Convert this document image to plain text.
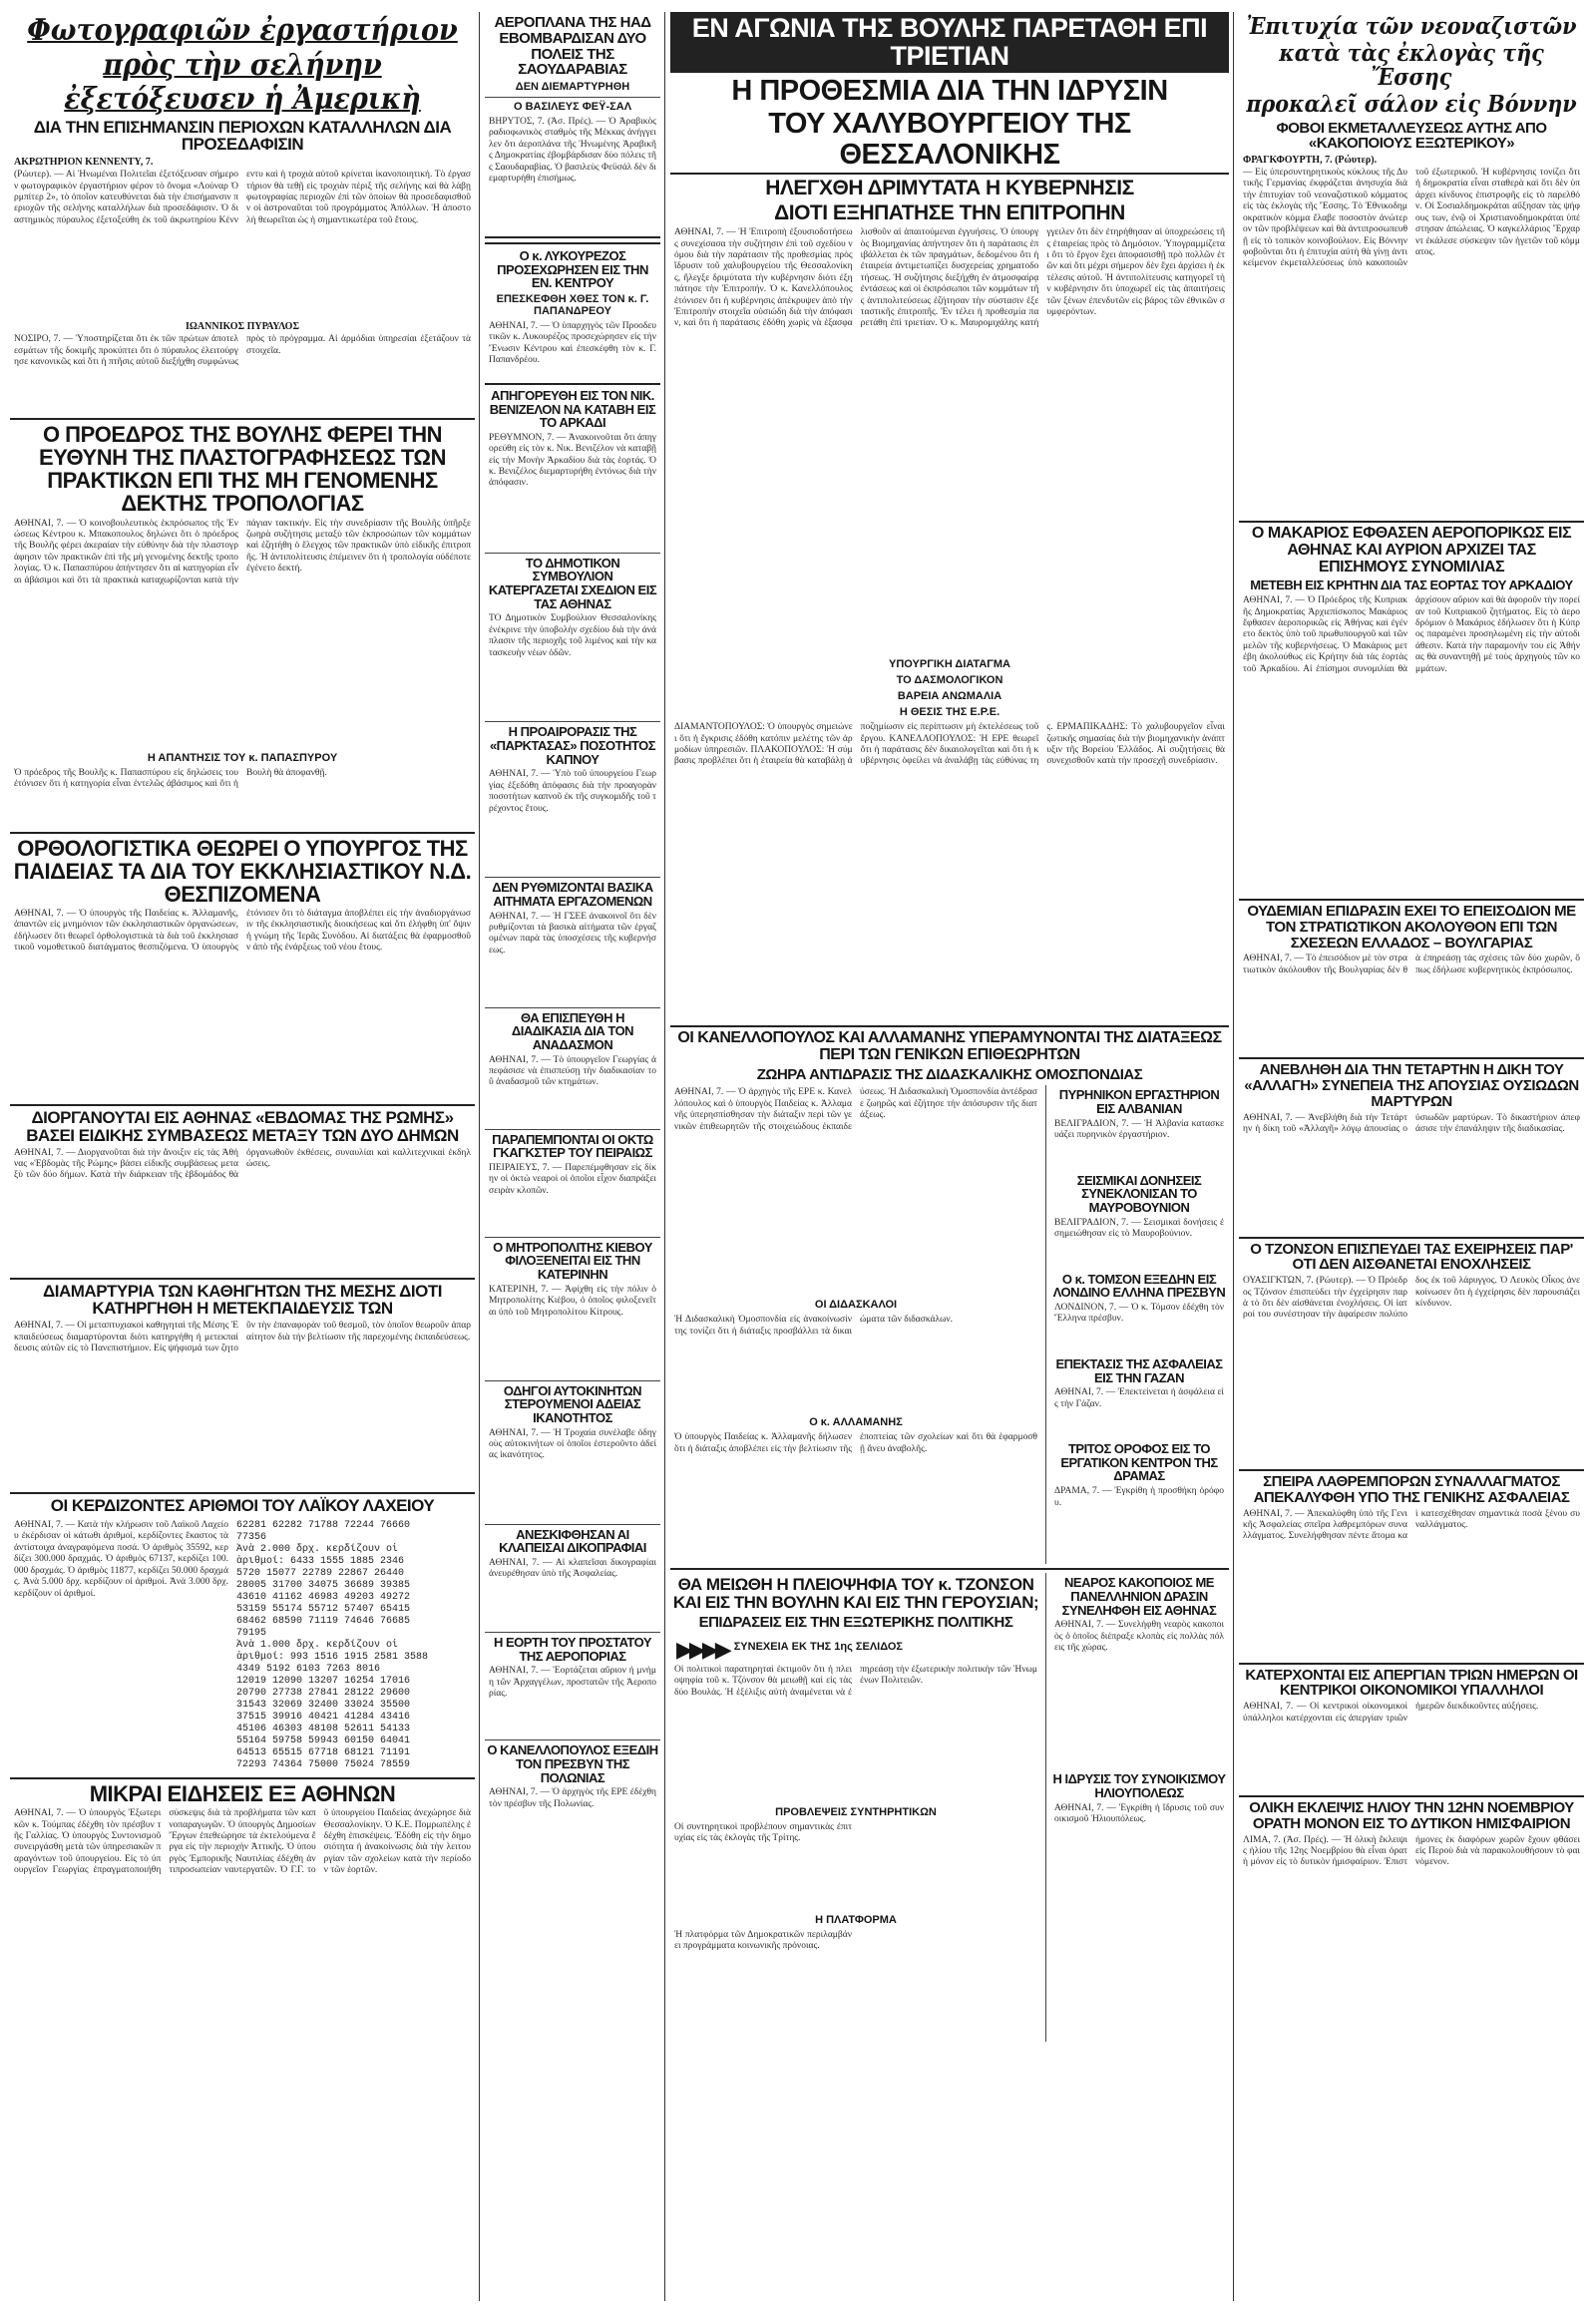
Φωτογραφιῶν ἐργαστήριον
πρὸς τὴν σελήνην
ἐξετόξευσεν ἡ Ἀμερικὴ
ΔΙΑ ΤΗΝ ΕΠΙΣΗΜΑΝΣΙΝ ΠΕΡΙΟΧΩΝ ΚΑΤΑΛΛΗΛΩΝ ΔΙΑ ΠΡΟΣΕΔΑΦΙΣΙΝ
ΑΚΡΩΤΗΡΙΟΝ ΚΕΝΝΕΝΤΥ, 7.
(Ρώυτερ). — Αἱ Ἡνωμέναι Πολιτεῖαι ἐξετόξευσαν σήμερον φωτογραφικὸν ἐργαστήριον φέρον τὸ ὄνομα «Λούναρ Ὀρμπίτερ 2», τὸ ὁποῖον κατευθύνεται διὰ τὴν ἐπισήμανσιν περιοχῶν τῆς σελήνης καταλλήλων διὰ προσεδάφισιν. Ὁ διαστημικὸς πύραυλος ἐξετοξεύθη ἐκ τοῦ ἀκρωτηρίου Κέννεντυ καὶ ἡ τροχιὰ αὐτοῦ κρίνεται ἱκανοποιητική. Τὸ ἐργαστήριον θὰ τεθῇ εἰς τροχιὰν πέριξ τῆς σελήνης καὶ θὰ λάβῃ φωτογραφίας περιοχῶν ἐπὶ τῶν ὁποίων θὰ προσεδαφισθοῦν οἱ ἀστροναῦται τοῦ προγράμματος Ἀπόλλων. Ἡ ἀποστολὴ θεωρεῖται ὡς ἡ σημαντικωτέρα τοῦ ἔτους.
ΙΩΑΝΝΙΚΟΣ ΠΥΡΑΥΛΟΣ
ΝΟΣΙΡΟ, 7. — Ὑποστηρίζεται ὅτι ἐκ τῶν πρώτων ἀποτελεσμάτων τῆς δοκιμῆς προκύπτει ὅτι ὁ πύραυλος ἐλειτούργησε κανονικῶς καὶ ὅτι ἡ πτῆσις αὐτοῦ διεξήχθη συμφώνως πρὸς τὸ πρόγραμμα. Αἱ ἀρμόδιαι ὑπηρεσίαι ἐξετάζουν τὰ στοιχεῖα.
Ο ΠΡΟΕΔΡΟΣ ΤΗΣ ΒΟΥΛΗΣ ΦΕΡΕΙ ΤΗΝ ΕΥΘΥΝΗ ΤΗΣ ΠΛΑΣΤΟΓΡΑΦΗΣΕΩΣ ΤΩΝ ΠΡΑΚΤΙΚΩΝ ΕΠΙ ΤΗΣ ΜΗ ΓΕΝΟΜΕΝΗΣ ΔΕΚΤΗΣ ΤΡΟΠΟΛΟΓΙΑΣ
ΑΘΗΝΑΙ, 7. — Ὁ κοινοβουλευτικὸς ἐκπρόσωπος τῆς Ἑνώσεως Κέντρου κ. Μπακοπουλος δηλώνει ὅτι ὁ πρόεδρος τῆς Βουλῆς φέρει ἀκεραίαν τὴν εὐθύνην διὰ τὴν πλαστογράφησιν τῶν πρακτικῶν ἐπὶ τῆς μὴ γενομένης δεκτῆς τροπολογίας. Ὁ κ. Παπασπύρου ἀπήντησεν ὅτι αἱ κατηγορίαι εἶναι ἀβάσιμοι καὶ ὅτι τὰ πρακτικὰ καταχωρίζονται κατὰ τὴν πάγιαν τακτικήν. Εἰς τὴν συνεδρίασιν τῆς Βουλῆς ὑπῆρξε ζωηρὰ συζήτησις μεταξὺ τῶν ἐκπροσώπων τῶν κομμάτων καὶ ἐζητήθη ὁ ἔλεγχος τῶν πρακτικῶν ὑπὸ εἰδικῆς ἐπιτροπῆς. Ἡ ἀντιπολίτευσις ἐπέμεινεν ὅτι ἡ τροπολογία οὐδέποτε ἐγένετο δεκτή.
Η ΑΠΑΝΤΗΣΙΣ ΤΟΥ κ. ΠΑΠΑΣΠΥΡΟΥ
Ὁ πρόεδρος τῆς Βουλῆς κ. Παπασπύρου εἰς δηλώσεις του ἐτόνισεν ὅτι ἡ κατηγορία εἶναι ἐντελῶς ἀβάσιμος καὶ ὅτι ἡ Βουλὴ θὰ ἀποφανθῇ.
ΟΡΘΟΛΟΓΙΣΤΙΚΑ ΘΕΩΡΕΙ Ο ΥΠΟΥΡΓΟΣ ΤΗΣ ΠΑΙΔΕΙΑΣ ΤΑ ΔΙΑ ΤΟΥ ΕΚΚΛΗΣΙΑΣΤΙΚΟΥ Ν.Δ. ΘΕΣΠΙΖΟΜΕΝΑ
ΑΘΗΝΑΙ, 7. — Ὁ ὑπουργὸς τῆς Παιδείας κ. Ἀλλαμανῆς, ἀπαντῶν εἰς μνημόνιον τῶν ἐκκλησιαστικῶν ὀργανώσεων, ἐδήλωσεν ὅτι θεωρεῖ ὀρθολογιστικὰ τὰ διὰ τοῦ ἐκκλησιαστικοῦ νομοθετικοῦ διατάγματος θεσπιζόμενα. Ὁ ὑπουργὸς ἐτόνισεν ὅτι τὸ διάταγμα ἀποβλέπει εἰς τὴν ἀναδιοργάνωσιν τῆς ἐκκλησιαστικῆς διοικήσεως καὶ ὅτι ἐλήφθη ὑπ' ὄψιν ἡ γνώμη τῆς Ἱερᾶς Συνόδου. Αἱ διατάξεις θὰ ἐφαρμοσθοῦν ἀπὸ τῆς ἐνάρξεως τοῦ νέου ἔτους.
ΔΙΟΡΓΑΝΟΥΤΑΙ ΕΙΣ ΑΘΗΝΑΣ «ΕΒΔΟΜΑΣ ΤΗΣ ΡΩΜΗΣ» ΒΑΣΕΙ ΕΙΔΙΚΗΣ ΣΥΜΒΑΣΕΩΣ ΜΕΤΑΞΥ ΤΩΝ ΔΥΟ ΔΗΜΩΝ
ΑΘΗΝΑΙ, 7. — Διοργανοῦται διὰ τὴν ἄνοιξιν εἰς τὰς Ἀθήνας «Ἑβδομὰς τῆς Ρώμης» βάσει εἰδικῆς συμβάσεως μεταξὺ τῶν δύο δήμων. Κατὰ τὴν διάρκειαν τῆς ἑβδομάδος θὰ ὀργανωθοῦν ἐκθέσεις, συναυλίαι καὶ καλλιτεχνικαὶ ἐκδηλώσεις.
ΔΙΑΜΑΡΤΥΡΙΑ ΤΩΝ ΚΑΘΗΓΗΤΩΝ ΤΗΣ ΜΕΣΗΣ ΔΙΟΤΙ ΚΑΤΗΡΓΗΘΗ Η ΜΕΤΕΚΠΑΙΔΕΥΣΙΣ ΤΩΝ
ΑΘΗΝΑΙ, 7. — Οἱ μεταπτυχιακοὶ καθηγηταὶ τῆς Μέσης Ἐκπαιδεύσεως διαμαρτύρονται διότι κατηργήθη ἡ μετεκπαίδευσις αὐτῶν εἰς τὸ Πανεπιστήμιον. Εἰς ψήφισμά των ζητοῦν τὴν ἐπαναφορὰν τοῦ θεσμοῦ, τὸν ὁποῖον θεωροῦν ἀπαραίτητον διὰ τὴν βελτίωσιν τῆς παρεχομένης ἐκπαιδεύσεως.
ΟΙ ΚΕΡΔΙΖΟΝΤΕΣ ΑΡΙΘΜΟΙ ΤΟΥ ΛΑΪΚΟΥ ΛΑΧΕΙΟΥ
ΑΘΗΝΑΙ, 7. — Κατὰ τὴν κλήρωσιν τοῦ Λαϊκοῦ Λαχείου ἐκέρδισαν οἱ κάτωθι ἀριθμοί, κερδίζοντες ἕκαστος τὰ ἀντίστοιχα ἀναγραφόμενα ποσά. Ὁ ἀριθμὸς 35592, κερδίζει 300.000 δραχμάς. Ὁ ἀριθμὸς 67137, κερδίζει 100.000 δραχμάς. Ὁ ἀριθμὸς 11877, κερδίζει 50.000 δραχμάς. Ἀνὰ 5.000 δρχ. κερδίζουν οἱ ἀριθμοί. Ἀνὰ 3.000 δρχ. κερδίζουν οἱ ἀριθμοί.
62281 62282 71788 72244 76660
77356
Ἀνὰ 2.000 δρχ. κερδίζουν οἱ
ἀριθμοί: 6433 1555 1885 2346
5720 15077 22789 22867 26440
28005 31700 34075 36689 39385
43610 41162 46983 49203 49272
53159 55174 55712 57407 65415
68462 68590 71119 74646 76685
79195
Ἀνὰ 1.000 δρχ. κερδίζουν οἱ
ἀριθμοί: 993 1516 1915 2581 3588
4349 5192 6103 7263 8016
12019 12090 13207 16254 17016
20790 27738 27841 28122 29600
31543 32069 32400 33024 35500
37515 39916 40421 41284 43416
45106 46303 48108 52611 54133
55164 59758 59943 60150 64041
64513 65515 67718 68121 71191
72293 74364 75000 75024 78559
ΜΙΚΡΑΙ ΕΙΔΗΣΕΙΣ ΕΞ ΑΘΗΝΩΝ
ΑΘΗΝΑΙ, 7. — Ὁ ὑπουργὸς Ἐξωτερικῶν κ. Τούμπας ἐδέχθη τὸν πρέσβυν τῆς Γαλλίας. Ὁ ὑπουργὸς Συντονισμοῦ συνειργάσθη μετὰ τῶν ὑπηρεσιακῶν παραγόντων τοῦ ὑπουργείου. Εἰς τὸ ὑπουργεῖον Γεωργίας ἐπραγματοποιήθη σύσκεψις διὰ τὰ προβλήματα τῶν καπνοπαραγωγῶν. Ὁ ὑπουργὸς Δημοσίων Ἔργων ἐπεθεώρησε τὰ ἐκτελούμενα ἔργα εἰς τὴν περιοχὴν Ἀττικῆς. Ὁ ὑπουργὸς Ἐμπορικῆς Ναυτιλίας ἐδέχθη ἀντιπροσωπείαν ναυτεργατῶν. Ὁ Γ.Γ. τοῦ ὑπουργείου Παιδείας ἀνεχώρησε διὰ Θεσσαλονίκην. Ὁ Κ.Ε. Πομρωπέλης ἐδέχθη ἐπισκέψεις. Ἐδόθη εἰς τὴν δημοσιότητα ἡ ἀνακοίνωσις διὰ τὴν λειτουργίαν τῶν σχολείων κατὰ τὴν περίοδον τῶν ἑορτῶν.
ΑΕΡΟΠΛΑΝΑ ΤΗΣ ΗΑΔ ΕΒΟΜΒΑΡΔΙΣΑΝ ΔΥΟ ΠΟΛΕΙΣ ΤΗΣ ΣΑΟΥΔΑΡΑΒΙΑΣ
ΔΕΝ ΔΙΕΜΑΡΤΥΡΗΘΗ
Ο ΒΑΣΙΛΕΥΣ ΦΕΫ-ΣΑΛ
ΒΗΡΥΤΟΣ, 7. (Ἀσ. Πρές). — Ὁ Ἀραβικὸς ραδιοφωνικὸς σταθμὸς τῆς Μέκκας ἀνήγγειλεν ὅτι ἀεροπλάνα τῆς Ἡνωμένης Ἀραβικῆς Δημοκρατίας ἐβομβάρδισαν δύο πόλεις τῆς Σαουδαραβίας. Ὁ βασιλεὺς Φεϋσάλ δὲν διεμαρτυρήθη ἐπισήμως.
Ο κ. ΛΥΚΟΥΡΕΖΟΣ ΠΡΟΣΕΧΩΡΗΣΕΝ ΕΙΣ ΤΗΝ ΕΝ. ΚΕΝΤΡΟΥ
ΕΠΕΣΚΕΦΘΗ ΧΘΕΣ ΤΟΝ κ. Γ. ΠΑΠΑΝΔΡΕΟΥ
ΑΘΗΝΑΙ, 7. — Ὁ ὑπαρχηγὸς τῶν Προοδευτικῶν κ. Λυκουρέζος προσεχώρησεν εἰς τὴν Ἕνωσιν Κέντρου καὶ ἐπεσκέφθη τὸν κ. Γ. Παπανδρέου.
ΑΠΗΓΟΡΕΥΘΗ ΕΙΣ ΤΟΝ ΝΙΚ. ΒΕΝΙΖΕΛΟΝ ΝΑ ΚΑΤΑΒΗ ΕΙΣ ΤΟ ΑΡΚΑΔΙ
ΡΕΘΥΜΝΟΝ, 7. — Ἀνακοινοῦται ὅτι ἀπηγορεύθη εἰς τὸν κ. Νικ. Βενιζέλον νὰ καταβῇ εἰς τὴν Μονὴν Ἀρκαδίου διὰ τὰς ἑορτάς. Ὁ κ. Βενιζέλος διεμαρτυρήθη ἐντόνως διὰ τὴν ἀπόφασιν.
ΤΟ ΔΗΜΟΤΙΚΟΝ ΣΥΜΒΟΥΛΙΟΝ ΚΑΤΕΡΓΑΖΕΤΑΙ ΣΧΕΔΙΟΝ ΕΙΣ ΤΑΣ ΑΘΗΝΑΣ
ΤΟ Δημοτικὸν Συμβούλιον Θεσσαλονίκης ἐνέκρινε τὴν ὑποβολὴν σχεδίου διὰ τὴν ἀνάπλασιν τῆς περιοχῆς τοῦ λιμένος καὶ τὴν κατασκευὴν νέων ὁδῶν.
Η ΠΡΟΑΙΡΟΡΑΣΙΣ ΤΗΣ «ΠΑΡΚΤΑΣΑΣ» ΠΟΣΟΤΗΤΟΣ ΚΑΠΝΟΥ
ΑΘΗΝΑΙ, 7. — Ὑπὸ τοῦ ὑπουργείου Γεωργίας ἐξεδόθη ἀπόφασις διὰ τὴν προαγορὰν ποσοτήτων καπνοῦ ἐκ τῆς συγκομιδῆς τοῦ τρέχοντος ἔτους.
ΔΕΝ ΡΥΘΜΙΖΟΝΤΑΙ ΒΑΣΙΚΑ ΑΙΤΗΜΑΤΑ ΕΡΓΑΖΟΜΕΝΩΝ
ΑΘΗΝΑΙ, 7. — Ἡ ΓΣΕΕ ἀνακοινοῖ ὅτι δὲν ρυθμίζονται τὰ βασικὰ αἰτήματα τῶν ἐργαζομένων παρὰ τὰς ὑποσχέσεις τῆς κυβερνήσεως.
ΘΑ ΕΠΙΣΠΕΥΘΗ Η ΔΙΑΔΙΚΑΣΙΑ ΔΙΑ ΤΟΝ ΑΝΑΔΑΣΜΟΝ
ΑΘΗΝΑΙ, 7. — Τὸ ὑπουργεῖον Γεωργίας ἀπεφάσισε νὰ ἐπισπεύσῃ τὴν διαδικασίαν τοῦ ἀναδασμοῦ τῶν κτημάτων.
ΠΑΡΑΠΕΜΠΟΝΤΑΙ ΟΙ ΟΚΤΩ ΓΚΑΓΚΣΤΕΡ ΤΟΥ ΠΕΙΡΑΙΩΣ
ΠΕΙΡΑΙΕΥΣ, 7. — Παρεπέμφθησαν εἰς δίκην οἱ ὀκτὼ νεαροὶ οἱ ὁποῖοι εἶχον διαπράξει σειρὰν κλοπῶν.
Ο ΜΗΤΡΟΠΟΛΙΤΗΣ ΚΙΕΒΟΥ ΦΙΛΟΞΕΝΕΙΤΑΙ ΕΙΣ ΤΗΝ ΚΑΤΕΡΙΝΗΝ
ΚΑΤΕΡΙΝΗ, 7. — Ἀφίχθη εἰς τὴν πόλιν ὁ Μητροπολίτης Κιέβου, ὁ ὁποῖος φιλοξενεῖται ὑπὸ τοῦ Μητροπολίτου Κίτρους.
ΟΔΗΓΟΙ ΑΥΤΟΚΙΝΗΤΩΝ ΣΤΕΡΟΥΜΕΝΟΙ ΑΔΕΙΑΣ ΙΚΑΝΟΤΗΤΟΣ
ΑΘΗΝΑΙ, 7. — Ἡ Τροχαία συνέλαβε ὁδηγοὺς αὐτοκινήτων οἱ ὁποῖοι ἐστεροῦντο ἀδείας ἱκανότητος.
ΑΝΕΣΚΙΦΘΗΣΑΝ ΑΙ ΚΛΑΠΕΙΣΑΙ ΔΙΚΟΠΡΑΦΙΑΙ
ΑΘΗΝΑΙ, 7. — Αἱ κλαπεῖσαι δικογραφίαι ἀνευρέθησαν ὑπὸ τῆς Ἀσφαλείας.
Η ΕΟΡΤΗ ΤΟΥ ΠΡΟΣΤΑΤΟΥ ΤΗΣ ΑΕΡΟΠΟΡΙΑΣ
ΑΘΗΝΑΙ, 7. — Ἑορτάζεται αὔριον ἡ μνήμη τῶν Ἀρχαγγέλων, προστατῶν τῆς Ἀεροπορίας.
Ο ΚΑΝΕΛΛΟΠΟΥΛΟΣ ΕΞΕΔΙΗ ΤΟΝ ΠΡΕΣΒΥΝ ΤΗΣ ΠΟΛΩΝΙΑΣ
ΑΘΗΝΑΙ, 7. — Ὁ ἀρχηγὸς τῆς ΕΡΕ ἐδέχθη τὸν πρέσβυν τῆς Πολωνίας.
ΕΝ ΑΓΩΝΙΑ ΤΗΣ ΒΟΥΛΗΣ ΠΑΡΕΤΑΘΗ ΕΠΙ ΤΡΙΕΤΙΑΝ
Η ΠΡΟΘΕΣΜΙΑ ΔΙΑ ΤΗΝ ΙΔΡΥΣΙΝ
ΤΟΥ ΧΑΛΥΒΟΥΡΓΕΙΟΥ ΤΗΣ ΘΕΣΣΑΛΟΝΙΚΗΣ
ΗΛΕΓΧΘΗ ΔΡΙΜΥΤΑΤΑ Η ΚΥΒΕΡΝΗΣΙΣ
ΔΙΟΤΙ ΕΞΗΠΑΤΗΣΕ ΤΗΝ ΕΠΙΤΡΟΠΗΝ
ΑΘΗΝΑΙ, 7. — Ἡ Ἐπιτροπὴ ἐξουσιοδοτήσεως συνεχίσασα τὴν συζήτησιν ἐπὶ τοῦ σχεδίου νόμου διὰ τὴν παράτασιν τῆς προθεσμίας πρὸς ἵδρυσιν τοῦ χαλυβουργείου τῆς Θεσσαλονίκης, ἤλεγξε δριμύτατα τὴν κυβέρνησιν διότι ἐξηπάτησε τὴν Ἐπιτροπήν. Ὁ κ. Κανελλόπουλος ἐτόνισεν ὅτι ἡ κυβέρνησις ἀπέκρυψεν ἀπὸ τὴν Ἐπιτροπὴν στοιχεῖα οὐσιώδη διὰ τὴν ἀπόφασιν, καὶ ὅτι ἡ παράτασις ἐδόθη χωρὶς νὰ ἐξασφαλισθοῦν αἱ ἀπαιτούμεναι ἐγγυήσεις. Ὁ ὑπουργὸς Βιομηχανίας ἀπήντησεν ὅτι ἡ παράτασις ἐπιβάλλεται ἐκ τῶν πραγμάτων, δεδομένου ὅτι ἡ ἐταιρεία ἀντιμετωπίζει δυσχερείας χρηματοδοτήσεως. Ἡ συζήτησις διεξήχθη ἐν ἀτμοσφαίρᾳ ἐντάσεως καὶ οἱ ἐκπρόσωποι τῶν κομμάτων τῆς ἀντιπολιτεύσεως ἐζήτησαν τὴν σύστασιν ἐξεταστικῆς ἐπιτροπῆς. Ἐν τέλει ἡ προθεσμία παρετάθη ἐπὶ τριετίαν. Ὁ κ. Μαυρομιχάλης κατήγγειλεν ὅτι δὲν ἐτηρήθησαν αἱ ὑποχρεώσεις τῆς ἐταιρείας πρὸς τὸ Δημόσιον. Ὑπογραμμίζεται ὅτι τὸ ἔργον ἔχει ἀποφασισθῇ πρὸ πολλῶν ἐτῶν καὶ ὅτι μέχρι σήμερον δὲν ἔχει ἀρχίσει ἡ ἐκτέλεσις αὐτοῦ. Ἡ ἀντιπολίτευσις κατηγορεῖ τὴν κυβέρνησιν ὅτι ὑποχωρεῖ εἰς τὰς ἀπαιτήσεις τῶν ξένων ἐπενδυτῶν εἰς βάρος τῶν ἐθνικῶν συμφερόντων.
ΥΠΟΥΡΓΙΚΗ ΔΙΑΤΑΓΜΑ
ΤΟ ΔΑΣΜΟΛΟΓΙΚΟΝ
ΒΑΡΕΙΑ ΑΝΩΜΑΛΙΑ
Η ΘΕΣΙΣ ΤΗΣ Ε.Ρ.Ε.
ΔΙΑΜΑΝΤΟΠΟΥΛΟΣ: Ὁ ὑπουργὸς σημειώνει ὅτι ἡ ἔγκρισις ἐδόθη κατόπιν μελέτης τῶν ἁρμοδίων ὑπηρεσιῶν. ΠΛΑΚΟΠΟΥΛΟΣ: Ἡ σύμβασις προβλέπει ὅτι ἡ ἐταιρεία θὰ καταβάλῃ ἀποζημίωσιν εἰς περίπτωσιν μὴ ἐκτελέσεως τοῦ ἔργου. ΚΑΝΕΛΛΟΠΟΥΛΟΣ: Ἡ ΕΡΕ θεωρεῖ ὅτι ἡ παράτασις δὲν δικαιολογεῖται καὶ ὅτι ἡ κυβέρνησις ὀφείλει νὰ ἀναλάβῃ τὰς εὐθύνας της. ΕΡΜΑΠΙΚΑΔΗΣ: Τὸ χαλυβουργεῖον εἶναι ζωτικῆς σημασίας διὰ τὴν βιομηχανικὴν ἀνάπτυξιν τῆς Βορείου Ἑλλάδος. Αἱ συζητήσεις θὰ συνεχισθοῦν κατὰ τὴν προσεχῆ συνεδρίασιν.
ΟΙ ΚΑΝΕΛΛΟΠΟΥΛΟΣ ΚΑΙ ΑΛΛΑΜΑΝΗΣ ΥΠΕΡΑΜΥΝΟΝΤΑΙ ΤΗΣ ΔΙΑΤΑΞΕΩΣ ΠΕΡΙ ΤΩΝ ΓΕΝΙΚΩΝ ΕΠΙΘΕΩΡΗΤΩΝ
ΖΩΗΡΑ ΑΝΤΙΔΡΑΣΙΣ ΤΗΣ ΔΙΔΑΣΚΑΛΙΚΗΣ ΟΜΟΣΠΟΝΔΙΑΣ
ΑΘΗΝΑΙ, 7. — Ὁ ἀρχηγὸς τῆς ΕΡΕ κ. Κανελλόπουλος καὶ ὁ ὑπουργὸς Παιδείας κ. Ἀλλαμανῆς ὑπερησπίσθησαν τὴν διάταξιν περὶ τῶν γενικῶν ἐπιθεωρητῶν τῆς στοιχειώδους ἐκπαιδεύσεως. Ἡ Διδασκαλικὴ Ὁμοσπονδία ἀντέδρασε ζωηρῶς καὶ ἐζήτησε τὴν ἀπόσυρσιν τῆς διατάξεως.
ΟΙ ΔΙΔΑΣΚΑΛΟΙ
Ἡ Διδασκαλικὴ Ὁμοσπονδία εἰς ἀνακοίνωσίν της τονίζει ὅτι ἡ διάταξις προσβάλλει τὰ δικαιώματα τῶν διδασκάλων.
Ο κ. ΑΛΛΑΜΑΝΗΣ
Ὁ ὑπουργὸς Παιδείας κ. Ἀλλαμανῆς δήλωσεν ὅτι ἡ διάταξις ἀποβλέπει εἰς τὴν βελτίωσιν τῆς ἐποπτείας τῶν σχολείων καὶ ὅτι θὰ ἐφαρμοσθῇ ἄνευ ἀναβολῆς.
ΠΥΡΗΝΙΚΟΝ ΕΡΓΑΣΤΗΡΙΟΝ ΕΙΣ ΑΛΒΑΝΙΑΝ
ΒΕΛΙΓΡΑΔΙΟΝ, 7. — Ἡ Ἀλβανία κατασκευάζει πυρηνικὸν ἐργαστήριον.
ΣΕΙΣΜΙΚΑΙ ΔΟΝΗΣΕΙΣ ΣΥΝΕΚΛΟΝΙΣΑΝ ΤΟ ΜΑΥΡΟΒΟΥΝΙΟΝ
ΒΕΛΙΓΡΑΔΙΟΝ, 7. — Σεισμικαὶ δονήσεις ἐσημειώθησαν εἰς τὸ Μαυροβούνιον.
Ο κ. ΤΟΜΣΟΝ ΕΞΕΔΗΝ ΕΙΣ ΛΟΝΔΙΝΟ ΕΛΛΗΝΑ ΠΡΕΣΒΥΝ
ΛΟΝΔΙΝΟΝ, 7. — Ὁ κ. Τόμσον ἐδέχθη τὸν Ἕλληνα πρέσβυν.
ΕΠΕΚΤΑΣΙΣ ΤΗΣ ΑΣΦΑΛΕΙΑΣ ΕΙΣ ΤΗΝ ΓΑΖΑΝ
ΑΘΗΝΑΙ, 7. — Ἐπεκτείνεται ἡ ἀσφάλεια εἰς τὴν Γάζαν.
ΤΡΙΤΟΣ ΟΡΟΦΟΣ ΕΙΣ ΤΟ ΕΡΓΑΤΙΚΟΝ ΚΕΝΤΡΟΝ ΤΗΣ ΔΡΑΜΑΣ
ΔΡΑΜΑ, 7. — Ἐγκρίθη ἡ προσθήκη ὀρόφου.
ΘΑ ΜΕΙΩΘΗ Η ΠΛΕΙΟΨΗΦΙΑ ΤΟΥ κ. ΤΖΟΝΣΟΝ ΚΑΙ ΕΙΣ ΤΗΝ ΒΟΥΛΗΝ ΚΑΙ ΕΙΣ ΤΗΝ ΓΕΡΟΥΣΙΑΝ;
ΕΠΙΔΡΑΣΕΙΣ ΕΙΣ ΤΗΝ ΕΞΩΤΕΡΙΚΗΣ ΠΟΛΙΤΙΚΗΣ
▶▶▶▶ ΣΥΝΕΧΕΙΑ ΕΚ ΤΗΣ 1ης ΣΕΛΙΔΟΣ
Οἱ πολιτικοὶ παρατηρηταὶ ἐκτιμοῦν ὅτι ἡ πλειοψηφία τοῦ κ. Τζόνσον θὰ μειωθῇ καὶ εἰς τὰς δύο Βουλάς. Ἡ ἐξέλιξις αὐτὴ ἀναμένεται νὰ ἐπηρεάσῃ τὴν ἐξωτερικὴν πολιτικὴν τῶν Ἡνωμένων Πολιτειῶν.
ΠΡΟΒΛΕΨΕΙΣ ΣΥΝΤΗΡΗΤΙΚΩΝ
Οἱ συντηρητικοὶ προβλέπουν σημαντικὰς ἐπιτυχίας εἰς τὰς ἐκλογὰς τῆς Τρίτης.
Η ΠΛΑΤΦΟΡΜΑ
Ἡ πλατφόρμα τῶν Δημοκρατικῶν περιλαμβάνει προγράμματα κοινωνικῆς πρόνοιας.
ΝΕΑΡΟΣ ΚΑΚΟΠΟΙΟΣ ΜΕ ΠΑΝΕΛΛΗΝΙΟΝ ΔΡΑΣΙΝ ΣΥΝΕΛΗΦΘΗ ΕΙΣ ΑΘΗΝΑΣ
ΑΘΗΝΑΙ, 7. — Συνελήφθη νεαρὸς κακοποιὸς ὁ ὁποῖος διέπραξε κλοπὰς εἰς πολλὰς πόλεις τῆς χώρας.
Η ΙΔΡΥΣΙΣ ΤΟΥ ΣΥΝΟΙΚΙΣΜΟΥ ΗΛΙΟΥΠΟΛΕΩΣ
ΑΘΗΝΑΙ, 7. — Ἐγκρίθη ἡ ἵδρυσις τοῦ συνοικισμοῦ Ἡλιουπόλεως.
Ἐπιτυχία τῶν νεοναζιστῶν
κατὰ τὰς ἐκλογὰς τῆς Ἔσσης
προκαλεῖ σάλον εἰς Βόννην
ΦΟΒΟΙ ΕΚΜΕΤΑΛΛΕΥΣΕΩΣ ΑΥΤΗΣ ΑΠΟ «ΚΑΚΟΠΟΙΟΥΣ ΕΞΩΤΕΡΙΚΟΥ»
ΦΡΑΓΚΦΟΥΡΤΗ, 7. (Ρώυτερ).
— Εἰς ὑπερσυντηρητικοὺς κύκλους τῆς Δυτικῆς Γερμανίας ἐκφράζεται ἀνησυχία διὰ τὴν ἐπιτυχίαν τοῦ νεοναζιστικοῦ κόμματος εἰς τὰς ἐκλογὰς τῆς Ἔσσης. Τὸ Ἐθνικοδημοκρατικὸν κόμμα ἔλαβε ποσοστὸν ἀνώτερον τῶν προβλέψεων καὶ θὰ ἀντιπροσωπευθῇ εἰς τὸ τοπικὸν κοινοβούλιον. Εἰς Βόννην φοβοῦνται ὅτι ἡ ἐπιτυχία αὐτὴ θὰ γίνῃ ἀντικείμενον ἐκμεταλλεύσεως ὑπὸ κακοποιῶν τοῦ ἐξωτερικοῦ. Ἡ κυβέρνησις τονίζει ὅτι ἡ δημοκρατία εἶναι σταθερὰ καὶ ὅτι δὲν ὑπάρχει κίνδυνος ἐπιστροφῆς εἰς τὸ παρελθόν. Οἱ Σοσιαλδημοκράται αὔξησαν τὰς ψήφους των, ἐνῷ οἱ Χριστιανοδημοκράται ὑπέστησαν ἀπώλειας. Ὁ καγκελλάριος Ἔρχαρντ ἐκάλεσε σύσκεψιν τῶν ἡγετῶν τοῦ κόμματος.
Ο ΜΑΚΑΡΙΟΣ ΕΦΘΑΣΕΝ ΑΕΡΟΠΟΡΙΚΩΣ ΕΙΣ ΑΘΗΝΑΣ ΚΑΙ ΑΥΡΙΟΝ ΑΡΧΙΖΕΙ ΤΑΣ ΕΠΙΣΗΜΟΥΣ ΣΥΝΟΜΙΛΙΑΣ
ΜΕΤΕΒΗ ΕΙΣ ΚΡΗΤΗΝ ΔΙΑ ΤΑΣ ΕΟΡΤΑΣ ΤΟΥ ΑΡΚΑΔΙΟΥ
ΑΘΗΝΑΙ, 7. — Ὁ Πρόεδρος τῆς Κυπριακῆς Δημοκρατίας Ἀρχιεπίσκοπος Μακάριος ἔφθασεν ἀεροπορικῶς εἰς Ἀθήνας καὶ ἐγένετο δεκτὸς ὑπὸ τοῦ πρωθυπουργοῦ καὶ τῶν μελῶν τῆς κυβερνήσεως. Ὁ Μακάριος μετέβη ἀκολούθως εἰς Κρήτην διὰ τὰς ἑορτὰς τοῦ Ἀρκαδίου. Αἱ ἐπίσημοι συνομιλίαι θὰ ἀρχίσουν αὔριον καὶ θὰ ἀφοροῦν τὴν πορείαν τοῦ Κυπριακοῦ ζητήματος. Εἰς τὸ ἀεροδρόμιον ὁ Μακάριος ἐδήλωσεν ὅτι ἡ Κύπρος παραμένει προσηλωμένη εἰς τὴν αὐτοδιάθεσιν. Κατὰ τὴν παραμονήν του εἰς Ἀθήνας θὰ συναντηθῇ μὲ τοὺς ἀρχηγοὺς τῶν κομμάτων.
ΟΥΔΕΜΙΑΝ ΕΠΙΔΡΑΣΙΝ ΕΧΕΙ ΤΟ ΕΠΕΙΣΟΔΙΟΝ ΜΕ ΤΟΝ ΣΤΡΑΤΙΩΤΙΚΟΝ ΑΚΟΛΟΥΘΟΝ ΕΠΙ ΤΩΝ ΣΧΕΣΕΩΝ ΕΛΛΑΔΟΣ – ΒΟΥΛΓΑΡΙΑΣ
ΑΘΗΝΑΙ, 7. — Τὸ ἐπεισόδιον μὲ τὸν στρατιωτικὸν ἀκόλουθον τῆς Βουλγαρίας δὲν θὰ ἐπηρεάσῃ τὰς σχέσεις τῶν δύο χωρῶν, ὅπως ἐδήλωσε κυβερνητικὸς ἐκπρόσωπος.
ΑΝΕΒΛΗΘΗ ΔΙΑ ΤΗΝ ΤΕΤΑΡΤΗΝ Η ΔΙΚΗ ΤΟΥ «ΑΛΛΑΓΗ» ΣΥΝΕΠΕΙΑ ΤΗΣ ΑΠΟΥΣΙΑΣ ΟΥΣΙΩΔΩΝ ΜΑΡΤΥΡΩΝ
ΑΘΗΝΑΙ, 7. — Ἀνεβλήθη διὰ τὴν Τετάρτην ἡ δίκη τοῦ «Ἀλλαγῆ» λόγῳ ἀπουσίας οὐσιωδῶν μαρτύρων. Τὸ δικαστήριον ἀπεφάσισε τὴν ἐπανάληψιν τῆς διαδικασίας.
Ο ΤΖΟΝΣΟΝ ΕΠΙΣΠΕΥΔΕΙ ΤΑΣ ΕΧΕΙΡΗΣΕΙΣ ΠΑΡ' ΟΤΙ ΔΕΝ ΑΙΣΘΑΝΕΤΑΙ ΕΝΟΧΛΗΣΕΙΣ
ΟΥΑΣΙΓΚΤΩΝ, 7. (Ρώυτερ). — Ὁ Πρόεδρος Τζόνσον ἐπισπεύδει τὴν ἐγχείρησιν παρὰ τὸ ὅτι δὲν αἰσθάνεται ἐνοχλήσεις. Οἱ ἰατροί του συνέστησαν τὴν ἀφαίρεσιν πολύποδος ἐκ τοῦ λάρυγγος. Ὁ Λευκὸς Οἶκος ἀνεκοίνωσεν ὅτι ἡ ἐγχείρησις δὲν παρουσιάζει κίνδυνον.
ΣΠΕΙΡΑ ΛΑΘΡΕΜΠΟΡΩΝ ΣΥΝΑΛΛΑΓΜΑΤΟΣ ΑΠΕΚΑΛΥΦΘΗ ΥΠΟ ΤΗΣ ΓΕΝΙΚΗΣ ΑΣΦΑΛΕΙΑΣ
ΑΘΗΝΑΙ, 7. — Ἀπεκαλύφθη ὑπὸ τῆς Γενικῆς Ἀσφαλείας σπεῖρα λαθρεμπόρων συναλλάγματος. Συνελήφθησαν πέντε ἄτομα καὶ κατεσχέθησαν σημαντικὰ ποσὰ ξένου συναλλάγματος.
ΚΑΤΕΡΧΟΝΤΑΙ ΕΙΣ ΑΠΕΡΓΙΑΝ ΤΡΙΩΝ ΗΜΕΡΩΝ ΟΙ ΚΕΝΤΡΙΚΟΙ ΟΙΚΟΝΟΜΙΚΟΙ ΥΠΑΛΛΗΛΟΙ
ΑΘΗΝΑΙ, 7. — Οἱ κεντρικοὶ οἰκονομικοὶ ὑπάλληλοι κατέρχονται εἰς ἀπεργίαν τριῶν ἡμερῶν διεκδικοῦντες αὐξήσεις.
ΟΛΙΚΗ ΕΚΛΕΙΨΙΣ ΗΛΙΟΥ ΤΗΝ 12ΗΝ ΝΟΕΜΒΡΙΟΥ ΟΡΑΤΗ ΜΟΝΟΝ ΕΙΣ ΤΟ ΔΥΤΙΚΟΝ ΗΜΙΣΦΑΙΡΙΟΝ
ΛΙΜΑ, 7. (Ἀσ. Πρές). — Ἡ ὁλικὴ ἔκλειψις ἡλίου τῆς 12ης Νοεμβρίου θὰ εἶναι ὁρατὴ μόνον εἰς τὸ δυτικὸν ἡμισφαίριον. Ἐπιστήμονες ἐκ διαφόρων χωρῶν ἔχουν φθάσει εἰς Περοὺ διὰ νὰ παρακολουθήσουν τὸ φαινόμενον.
